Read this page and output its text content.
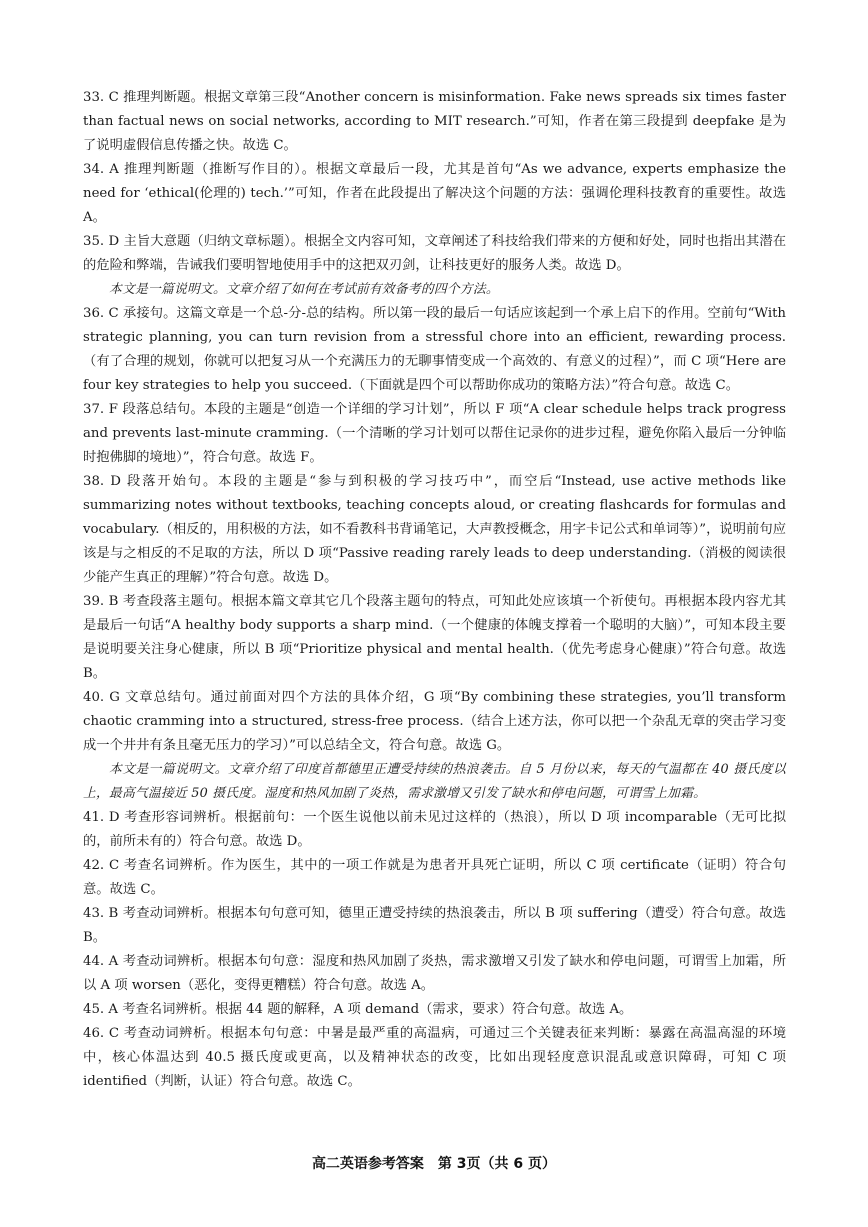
33. C 推理判断题。根据文章第三段“Another concern is misinformation. Fake news spreads six times faster than factual news on social networks, according to MIT research.”可知，作者在第三段提到 deepfake 是为了说明虚假信息传播之快。故选 C。

34. A 推理判断题（推断写作目的）。根据文章最后一段，尤其是首句“As we advance, experts emphasize the need for ‘ethical(伦理的) tech.’”可知，作者在此段提出了解决这个问题的方法：强调伦理科技教育的重要性。故选 A。

35. D 主旨大意题（归纳文章标题）。根据全文内容可知，文章阐述了科技给我们带来的方便和好处，同时也指出其潜在的危险和弊端，告诫我们要明智地使用手中的这把双刃剑，让科技更好的服务人类。故选 D。

本文是一篇说明文。文章介绍了如何在考试前有效备考的四个方法。

36. C 承接句。这篇文章是一个总-分-总的结构。所以第一段的最后一句话应该起到一个承上启下的作用。空前句“With strategic planning, you can turn revision from a stressful chore into an efficient, rewarding process.（有了合理的规划，你就可以把复习从一个充满压力的无聊事情变成一个高效的、有意义的过程）”，而 C 项“Here are four key strategies to help you succeed.（下面就是四个可以帮助你成功的策略方法）”符合句意。故选 C。

37. F 段落总结句。本段的主题是“创造一个详细的学习计划”，所以 F 项“A clear schedule helps track progress and prevents last-minute cramming.（一个清晰的学习计划可以帮住记录你的进步过程，避免你陷入最后一分钟临时抱佛脚的境地）”，符合句意。故选 F。

38. D 段落开始句。本段的主题是“参与到积极的学习技巧中”，而空后“Instead, use active methods like summarizing notes without textbooks, teaching concepts aloud, or creating flashcards for formulas and vocabulary.（相反的，用积极的方法，如不看教科书背诵笔记，大声教授概念，用字卡记公式和单词等）”，说明前句应该是与之相反的不足取的方法，所以 D 项“Passive reading rarely leads to deep understanding.（消极的阅读很少能产生真正的理解）”符合句意。故选 D。

39. B 考查段落主题句。根据本篇文章其它几个段落主题句的特点，可知此处应该填一个祈使句。再根据本段内容尤其是最后一句话“A healthy body supports a sharp mind.（一个健康的体魄支撑着一个聪明的大脑）”，可知本段主要是说明要关注身心健康，所以 B 项“Prioritize physical and mental health.（优先考虑身心健康）”符合句意。故选 B。

40. G 文章总结句。通过前面对四个方法的具体介绍，G 项“By combining these strategies, you’ll transform chaotic cramming into a structured, stress-free process.（结合上述方法，你可以把一个杂乱无章的突击学习变成一个井井有条且毫无压力的学习）”可以总结全文，符合句意。故选 G。

本文是一篇说明文。文章介绍了印度首都德里正遭受持续的热浪袭击。自 5 月份以来，每天的气温都在 40 摄氏度以上，最高气温接近 50 摄氏度。湿度和热风加剧了炎热，需求激增又引发了缺水和停电问题，可谓雪上加霜。

41. D 考查形容词辨析。根据前句：一个医生说他以前未见过这样的（热浪），所以 D 项 incomparable（无可比拟的，前所未有的）符合句意。故选 D。

42. C 考查名词辨析。作为医生，其中的一项工作就是为患者开具死亡证明，所以 C 项 certificate（证明）符合句意。故选 C。

43. B 考查动词辨析。根据本句句意可知，德里正遭受持续的热浪袭击，所以 B 项 suffering（遭受）符合句意。故选 B。

44. A 考查动词辨析。根据本句句意：湿度和热风加剧了炎热，需求激增又引发了缺水和停电问题，可谓雪上加霜，所以 A 项 worsen（恶化，变得更糟糕）符合句意。故选 A。

45. A 考查名词辨析。根据 44 题的解释，A 项 demand（需求，要求）符合句意。故选 A。

46. C 考查动词辨析。根据本句句意：中暑是最严重的高温病，可通过三个关键表征来判断：暴露在高温高湿的环境中，核心体温达到 40.5 摄氏度或更高，以及精神状态的改变，比如出现轻度意识混乱或意识障碍，可知 C 项 identified（判断，认证）符合句意。故选 C。

高二英语参考答案　第 3页（共 6 页）
